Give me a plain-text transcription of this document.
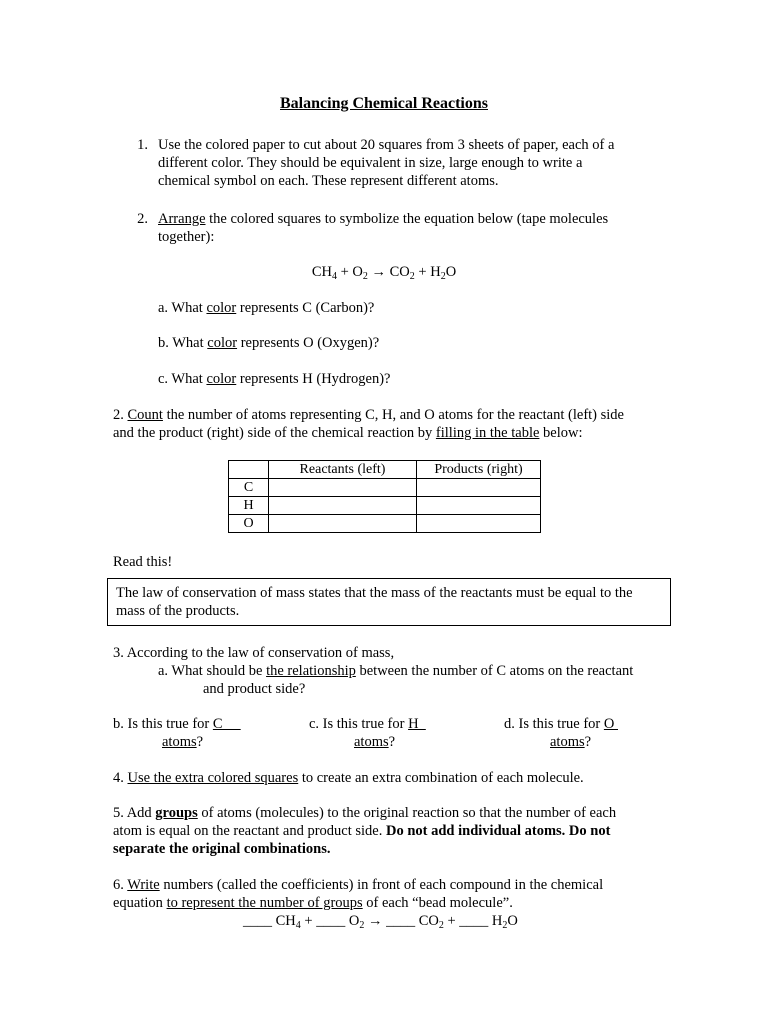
Balancing Chemical Reactions
1. Use the colored paper to cut about 20 squares from 3 sheets of paper, each of a
different color. They should be equivalent in size, large enough to write a
chemical symbol on each. These represent different atoms.
2. Arrange the colored squares to symbolize the equation below (tape molecules
together):
$CH_4 + O_2 \to CO_2 + H_2O$
a. What color represents C (Carbon)?
b. What color represents O (Oxygen)?
c. What color represents H (Hydrogen)?
2. Count the number of atoms representing C, H, and O atoms for the reactant (left) side
and the product (right) side of the chemical reaction by filling in the table below:
	Reactants (left)	Products (right)
C		
H		
O		
Read this!
The law of conservation of mass states that the mass of the reactants must be equal to the
mass of the products.
3. According to the law of conservation of mass,
a. What should be the relationship between the number of C atoms on the reactant
and product side?
b. Is this true for C
atoms?
c. Is this true for H
atoms?
d. Is this true for O
atoms?
4. Use the extra colored squares to create an extra combination of each molecule.
5. Add groups of atoms (molecules) to the original reaction so that the number of each
atom is equal on the reactant and product side. Do not add individual atoms. Do not
separate the original combinations.
6. Write numbers (called the coefficients) in front of each compound in the chemical
equation to represent the number of groups of each “bead molecule”.
____ $CH_4$ + ____ $O_2$ → ____ $CO_2$ + ____ $H_2O$
